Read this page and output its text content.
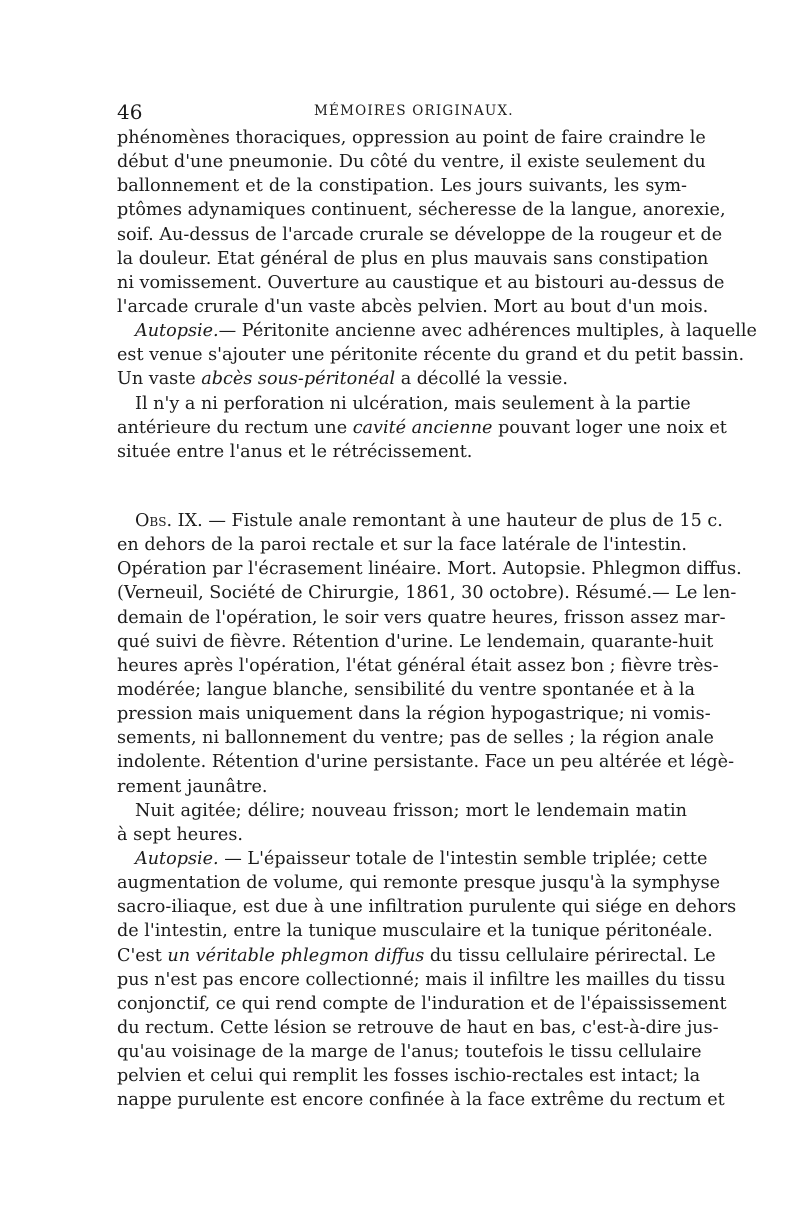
46	MÉMOIRES ORIGINAUX.
phénomènes thoraciques, oppression au point de faire craindre le
début d'une pneumonie. Du côté du ventre, il existe seulement du
ballonnement et de la constipation. Les jours suivants, les sym-
ptômes adynamiques continuent, sécheresse de la langue, anorexie,
soif. Au-dessus de l'arcade crurale se développe de la rougeur et de
la douleur. Etat général de plus en plus mauvais sans constipation
ni vomissement. Ouverture au caustique et au bistouri au-dessus de
l'arcade crurale d'un vaste abcès pelvien. Mort au bout d'un mois.
Autopsie.— Péritonite ancienne avec adhérences multiples, à laquelle
est venue s'ajouter une péritonite récente du grand et du petit bassin.
Un vaste abcès sous-péritonéal a décollé la vessie.
Il n'y a ni perforation ni ulcération, mais seulement à la partie
antérieure du rectum une cavité ancienne pouvant loger une noix et
située entre l'anus et le rétrécissement.
Obs. IX. — Fistule anale remontant à une hauteur de plus de 15 c.
en dehors de la paroi rectale et sur la face latérale de l'intestin.
Opération par l'écrasement linéaire. Mort. Autopsie. Phlegmon diffus.
(Verneuil, Société de Chirurgie, 1861, 30 octobre). Résumé.— Le len-
demain de l'opération, le soir vers quatre heures, frisson assez mar-
qué suivi de fièvre. Rétention d'urine. Le lendemain, quarante-huit
heures après l'opération, l'état général était assez bon ; fièvre très-
modérée; langue blanche, sensibilité du ventre spontanée et à la
pression mais uniquement dans la région hypogastrique; ni vomis-
sements, ni ballonnement du ventre; pas de selles ; la région anale
indolente. Rétention d'urine persistante. Face un peu altérée et légè-
rement jaunâtre.
Nuit agitée; délire; nouveau frisson; mort le lendemain matin
à sept heures.
Autopsie. — L'épaisseur totale de l'intestin semble triplée; cette
augmentation de volume, qui remonte presque jusqu'à la symphyse
sacro-iliaque, est due à une infiltration purulente qui siége en dehors
de l'intestin, entre la tunique musculaire et la tunique péritonéale.
C'est un véritable phlegmon diffus du tissu cellulaire périrectal. Le
pus n'est pas encore collectionné; mais il infiltre les mailles du tissu
conjonctif, ce qui rend compte de l'induration et de l'épaississement
du rectum. Cette lésion se retrouve de haut en bas, c'est-à-dire jus-
qu'au voisinage de la marge de l'anus; toutefois le tissu cellulaire
pelvien et celui qui remplit les fosses ischio-rectales est intact; la
nappe purulente est encore confinée à la face extrême du rectum et
